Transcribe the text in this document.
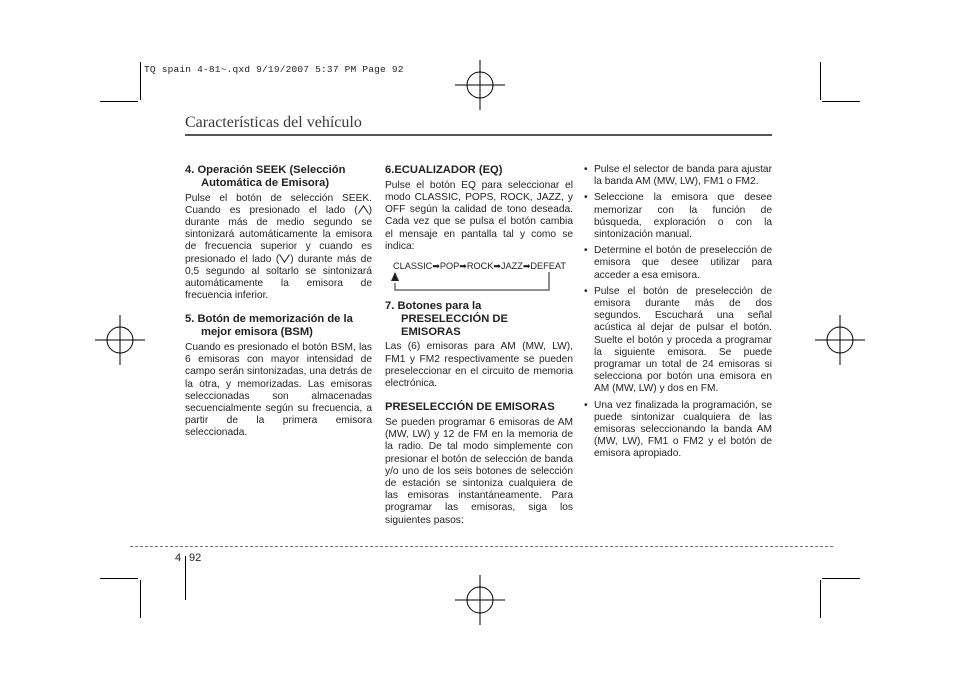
TQ spain 4-81~.qxd 9/19/2007 5:37 PM Page 92
Características del vehículo
4. Operación SEEK (Selección
Automática de Emisora)

Pulse el botón de selección SEEK. Cuando es presionado el lado ( ) durante más de medio segundo se sintonizará automáticamente la emisora de frecuencia superior y cuando es presionado el lado ( ) durante más de 0,5 segundo al soltarlo se sintonizará automáticamente la emisora de frecuencia inferior.

5. Botón de memorización de la
mejor emisora (BSM)

Cuando es presionado el botón BSM, las 6 emisoras con mayor intensidad de campo serán sintonizadas, una detrás de la otra, y memorizadas. Las emisoras seleccionadas son almacenadas secuencialmente según su frecuencia, a partir de la primera emisora seleccionada.

6.ECUALIZADOR (EQ)

Pulse el botón EQ para seleccionar el modo CLASSIC, POPS, ROCK, JAZZ, y OFF según la calidad de tono deseada. Cada vez que se pulsa el botón cambia el mensaje en pantalla tal y como se indica:

CLASSIC➡POP➡ROCK➡JAZZ➡DEFEAT
7. Botones para la
PRESELECCIÓN DE
EMISORAS

Las (6) emisoras para AM (MW, LW), FM1 y FM2 respectivamente se pueden preseleccionar en el circuito de memoria electrónica.

PRESELECCIÓN DE EMISORAS

Se pueden programar 6 emisoras de AM (MW, LW) y 12 de FM en la memoria de la radio. De tal modo simplemente con presionar el botón de selección de banda y/o uno de los seis botones de selección de estación se sintoniza cualquiera de las emisoras instantáneamente. Para programar las emisoras, siga los siguientes pasos:

• Pulse el selector de banda para ajustar la banda AM (MW, LW), FM1 o FM2.
• Seleccione la emisora que desee memorizar con la función de búsqueda, exploración o con la sintonización manual.
• Determine el botón de preselección de emisora que desee utilizar para acceder a esa emisora.
• Pulse el botón de preselección de emisora durante más de dos segundos. Escuchará una señal acústica al dejar de pulsar el botón. Suelte el botón y proceda a programar la siguiente emisora. Se puede programar un total de 24 emisoras si selecciona por botón una emisora en AM (MW, LW) y dos en FM.
• Una vez finalizada la programación, se puede sintonizar cualquiera de las emisoras seleccionando la banda AM (MW, LW), FM1 o FM2 y el botón de emisora apropiado.
4 92
